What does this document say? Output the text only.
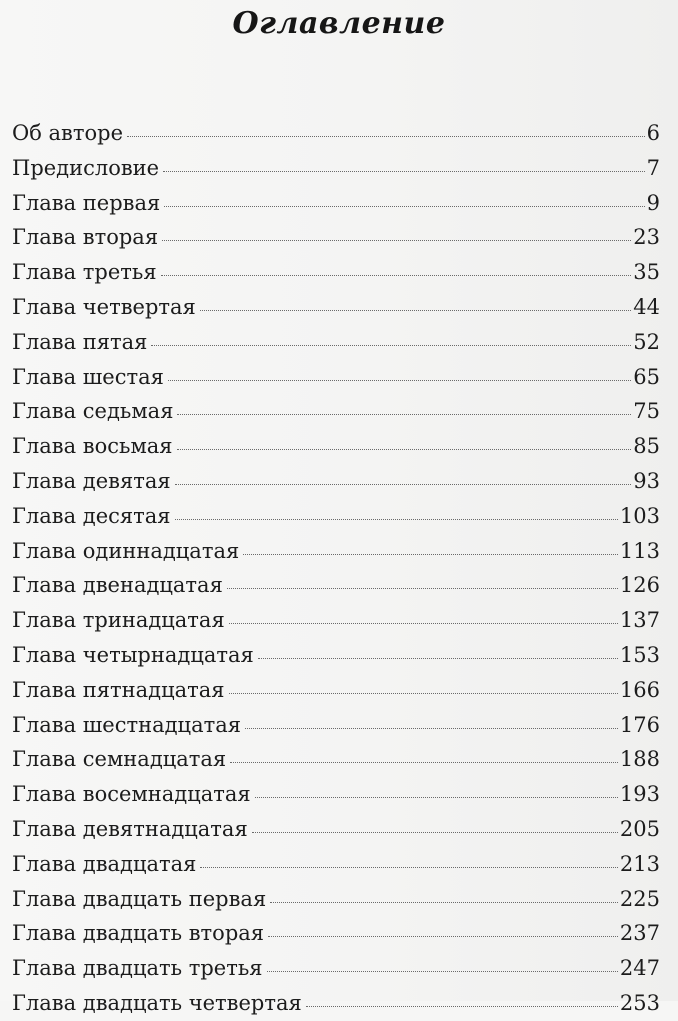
Оглавление
Об авторе	6
Предисловие	7
Глава первая	9
Глава вторая	23
Глава третья	35
Глава четвертая	44
Глава пятая	52
Глава шестая	65
Глава седьмая	75
Глава восьмая	85
Глава девятая	93
Глава десятая	103
Глава одиннадцатая	113
Глава двенадцатая	126
Глава тринадцатая	137
Глава четырнадцатая	153
Глава пятнадцатая	166
Глава шестнадцатая	176
Глава семнадцатая	188
Глава восемнадцатая	193
Глава девятнадцатая	205
Глава двадцатая	213
Глава двадцать первая	225
Глава двадцать вторая	237
Глава двадцать третья	247
Глава двадцать четвертая	253
